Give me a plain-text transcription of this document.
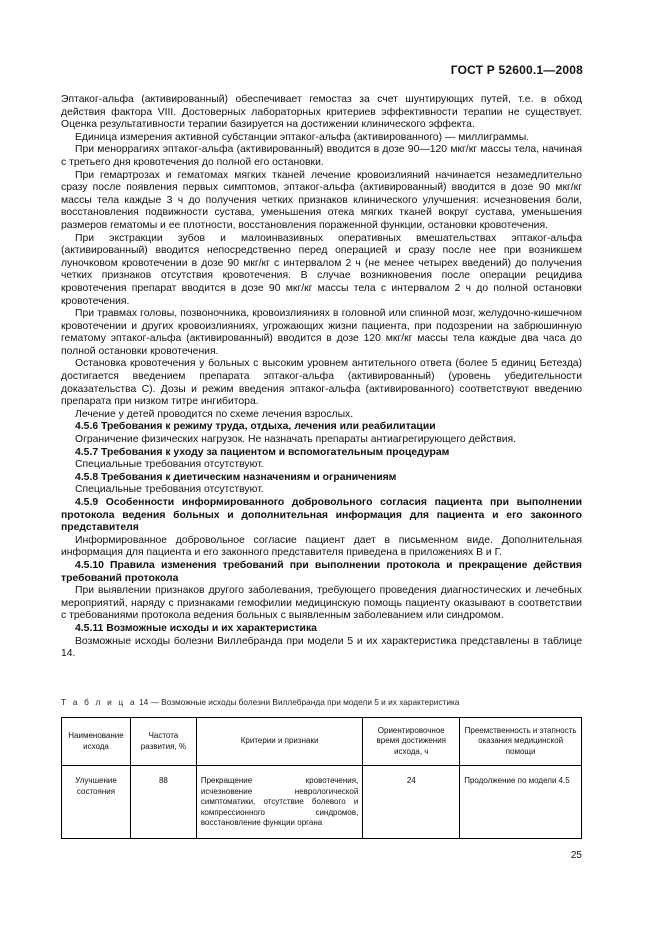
ГОСТ Р 52600.1—2008

Эптаког-альфа (активированный) обеспечивает гемостаз за счет шунтирующих путей, т.е. в обход действия фактора VIII. Достоверных лабораторных критериев эффективности терапии не существует. Оценка результативности терапии базируется на достижении клинического эффекта.

Единица измерения активной субстанции эптаког-альфа (активированного) — миллиграммы.

При меноррагиях эптаког-альфа (активированный) вводится в дозе 90—120 мкг/кг массы тела, начиная с третьего дня кровотечения до полной его остановки.

При гемартрозах и гематомах мягких тканей лечение кровоизлияний начинается незамедлительно сразу после появления первых симптомов, эптаког-альфа (активированный) вводится в дозе 90 мкг/кг массы тела каждые 3 ч до получения четких признаков клинического улучшения: исчезновения боли, восстановления подвижности сустава, уменьшения отека мягких тканей вокруг сустава, уменьшения размеров гематомы и ее плотности, восстановления пораженной функции, остановки кровотечения.

При экстракции зубов и малоинвазивных оперативных вмешательствах эптаког-альфа (активированный) вводится непосредственно перед операцией и сразу после нее при возникшем луночковом кровотечении в дозе 90 мкг/кг с интервалом 2 ч (не менее четырех введений) до получения четких признаков отсутствия кровотечения. В случае возникновения после операции рецидива кровотечения препарат вводится в дозе 90 мкг/кг массы тела с интервалом 2 ч до полной остановки кровотечения.

При травмах головы, позвоночника, кровоизлияниях в головной или спинной мозг, желудочно-кишечном кровотечении и других кровоизлияниях, угрожающих жизни пациента, при подозрении на забрюшинную гематому эптаког-альфа (активированный) вводится в дозе 120 мкг/кг массы тела каждые два часа до полной остановки кровотечения.

Остановка кровотечения у больных с высоким уровнем антительного ответа (более 5 единиц Бетезда) достигается введением препарата эптаког-альфа (активированный) (уровень убедительности доказательства С). Дозы и режим введения эптаког-альфа (активированного) соответствуют введению препарата при низком титре ингибитора.

Лечение у детей проводится по схеме лечения взрослых.

4.5.6 Требования к режиму труда, отдыха, лечения или реабилитации

Ограничение физических нагрузок. Не назначать препараты антиагрегирующего действия.

4.5.7 Требования к уходу за пациентом и вспомогательным процедурам

Специальные требования отсутствуют.

4.5.8 Требования к диетическим назначениям и ограничениям

Специальные требования отсутствуют.

4.5.9 Особенности информированного добровольного согласия пациента при выполнении протокола ведения больных и дополнительная информация для пациента и его законного представителя

Информированное добровольное согласие пациент дает в письменном виде. Дополнительная информация для пациента и его законного представителя приведена в приложениях В и Г.

4.5.10 Правила изменения требований при выполнении протокола и прекращение действия требований протокола

При выявлении признаков другого заболевания, требующего проведения диагностических и лечебных мероприятий, наряду с признаками гемофилии медицинскую помощь пациенту оказывают в соответствии с требованиями протокола ведения больных с выявленным заболеванием или синдромом.

4.5.11 Возможные исходы и их характеристика

Возможные исходы болезни Виллебранда при модели 5 и их характеристика представлены в таблице 14.

Т а б л и ц а 14 — Возможные исходы болезни Виллебранда при модели 5 и их характеристика
Наименование исхода	Частота развития, %	Критерии и признаки	Ориентировочное время достижения исхода, ч	Преемственность и этапность оказания медицинской помощи
Улучшение состояния	88	Прекращение кровотечения, исчезновение неврологической симптоматики, отсутствие болевого и компрессионного синдромов, восстановление функции органа	24	Продолжение по модели 4.5
25
